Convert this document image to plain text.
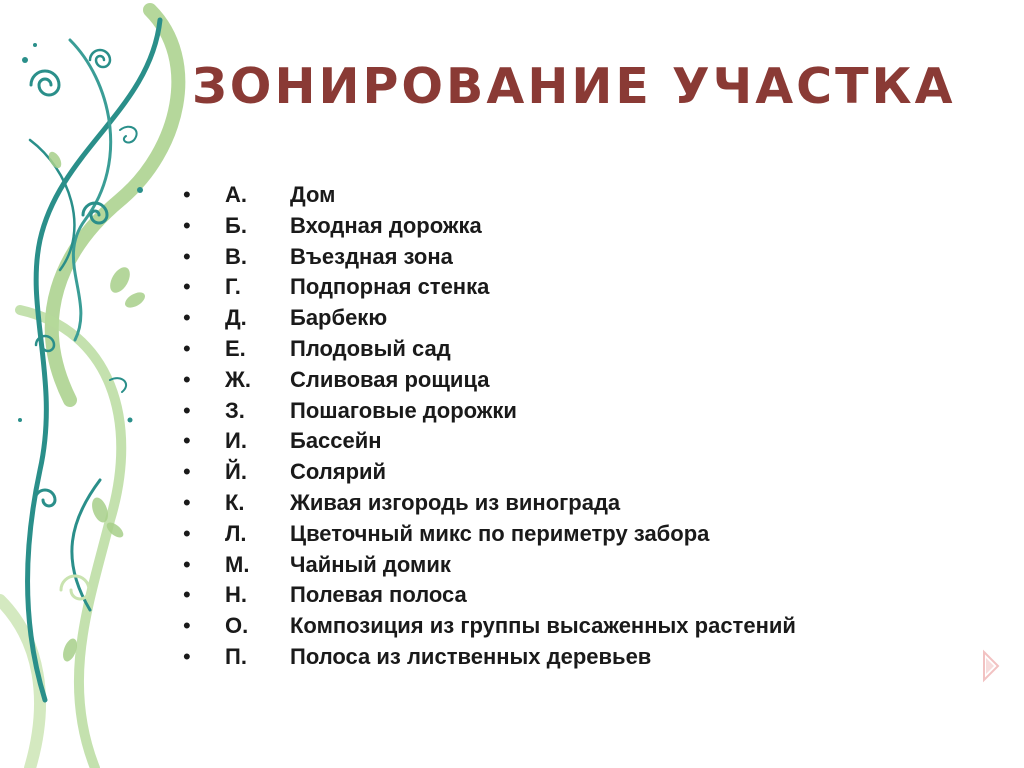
ЗОНИРОВАНИЕ УЧАСТКА
• А. Дом
• Б. Входная дорожка
• В. Въездная зона
• Г. Подпорная стенка
• Д. Барбекю
• Е. Плодовый сад
• Ж. Сливовая рощица
• З. Пошаговые дорожки
• И. Бассейн
• Й. Солярий
• К. Живая изгородь из винограда
• Л. Цветочный микс по периметру забора
• М. Чайный домик
• Н. Полевая полоса
• О. Композиция из группы высаженных растений
• П. Полоса из лиственных деревьев
